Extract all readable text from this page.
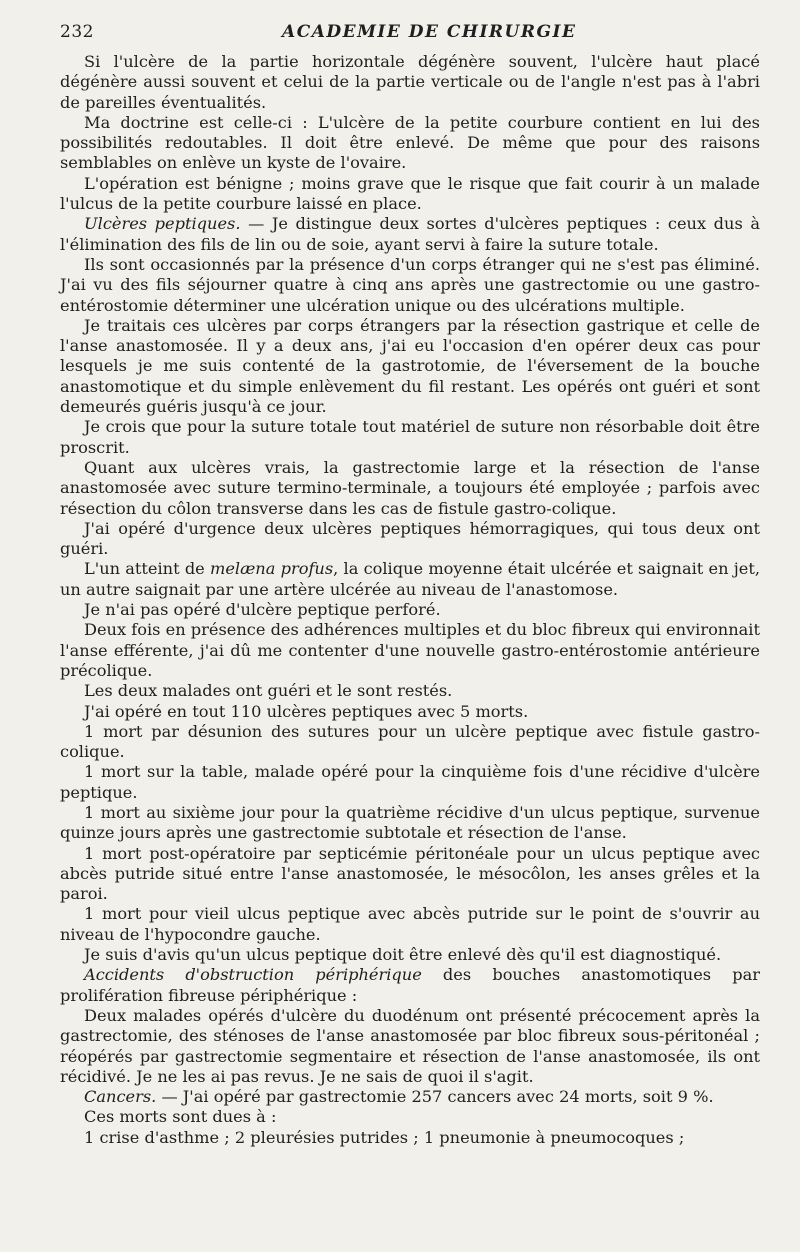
232	ACADEMIE DE CHIRURGIE

Si l'ulcère de la partie horizontale dégénère souvent, l'ulcère haut placé dégénère aussi souvent et celui de la partie verticale ou de l'angle n'est pas à l'abri de pareilles éventualités.

Ma doctrine est celle-ci : L'ulcère de la petite courbure contient en lui des possibilités redoutables. Il doit être enlevé. De même que pour des raisons semblables on enlève un kyste de l'ovaire.

L'opération est bénigne ; moins grave que le risque que fait courir à un malade l'ulcus de la petite courbure laissé en place.

Ulcères peptiques. — Je distingue deux sortes d'ulcères peptiques : ceux dus à l'élimination des fils de lin ou de soie, ayant servi à faire la suture totale.

Ils sont occasionnés par la présence d'un corps étranger qui ne s'est pas éliminé. J'ai vu des fils séjourner quatre à cinq ans après une gastrectomie ou une gastro-entérostomie déterminer une ulcération unique ou des ulcérations multiple.

Je traitais ces ulcères par corps étrangers par la résection gastrique et celle de l'anse anastomosée. Il y a deux ans, j'ai eu l'occasion d'en opérer deux cas pour lesquels je me suis contenté de la gastrotomie, de l'éversement de la bouche anastomotique et du simple enlèvement du fil restant. Les opérés ont guéri et sont demeurés guéris jusqu'à ce jour.

Je crois que pour la suture totale tout matériel de suture non résorbable doit être proscrit.

Quant aux ulcères vrais, la gastrectomie large et la résection de l'anse anastomosée avec suture termino-terminale, a toujours été employée ; parfois avec résection du côlon transverse dans les cas de fistule gastro-colique.

J'ai opéré d'urgence deux ulcères peptiques hémorragiques, qui tous deux ont guéri.

L'un atteint de melæna profus, la colique moyenne était ulcérée et saignait en jet, un autre saignait par une artère ulcérée au niveau de l'anastomose.

Je n'ai pas opéré d'ulcère peptique perforé.

Deux fois en présence des adhérences multiples et du bloc fibreux qui environnait l'anse efférente, j'ai dû me contenter d'une nouvelle gastro-entérostomie antérieure précolique.

Les deux malades ont guéri et le sont restés.

J'ai opéré en tout 110 ulcères peptiques avec 5 morts.

1 mort par désunion des sutures pour un ulcère peptique avec fistule gastro-colique.

1 mort sur la table, malade opéré pour la cinquième fois d'une récidive d'ulcère peptique.

1 mort au sixième jour pour la quatrième récidive d'un ulcus peptique, survenue quinze jours après une gastrectomie subtotale et résection de l'anse.

1 mort post-opératoire par septicémie péritonéale pour un ulcus peptique avec abcès putride situé entre l'anse anastomosée, le mésocôlon, les anses grêles et la paroi.

1 mort pour vieil ulcus peptique avec abcès putride sur le point de s'ouvrir au niveau de l'hypocondre gauche.

Je suis d'avis qu'un ulcus peptique doit être enlevé dès qu'il est diagnostiqué.

Accidents d'obstruction périphérique des bouches anastomotiques par prolifération fibreuse périphérique :

Deux malades opérés d'ulcère du duodénum ont présenté précocement après la gastrectomie, des sténoses de l'anse anastomosée par bloc fibreux sous-péritonéal ; réopérés par gastrectomie segmentaire et résection de l'anse anastomosée, ils ont récidivé. Je ne les ai pas revus. Je ne sais de quoi il s'agit.

Cancers. — J'ai opéré par gastrectomie 257 cancers avec 24 morts, soit 9 %.

Ces morts sont dues à :

1 crise d'asthme ; 2 pleurésies putrides ; 1 pneumonie à pneumocoques ;
